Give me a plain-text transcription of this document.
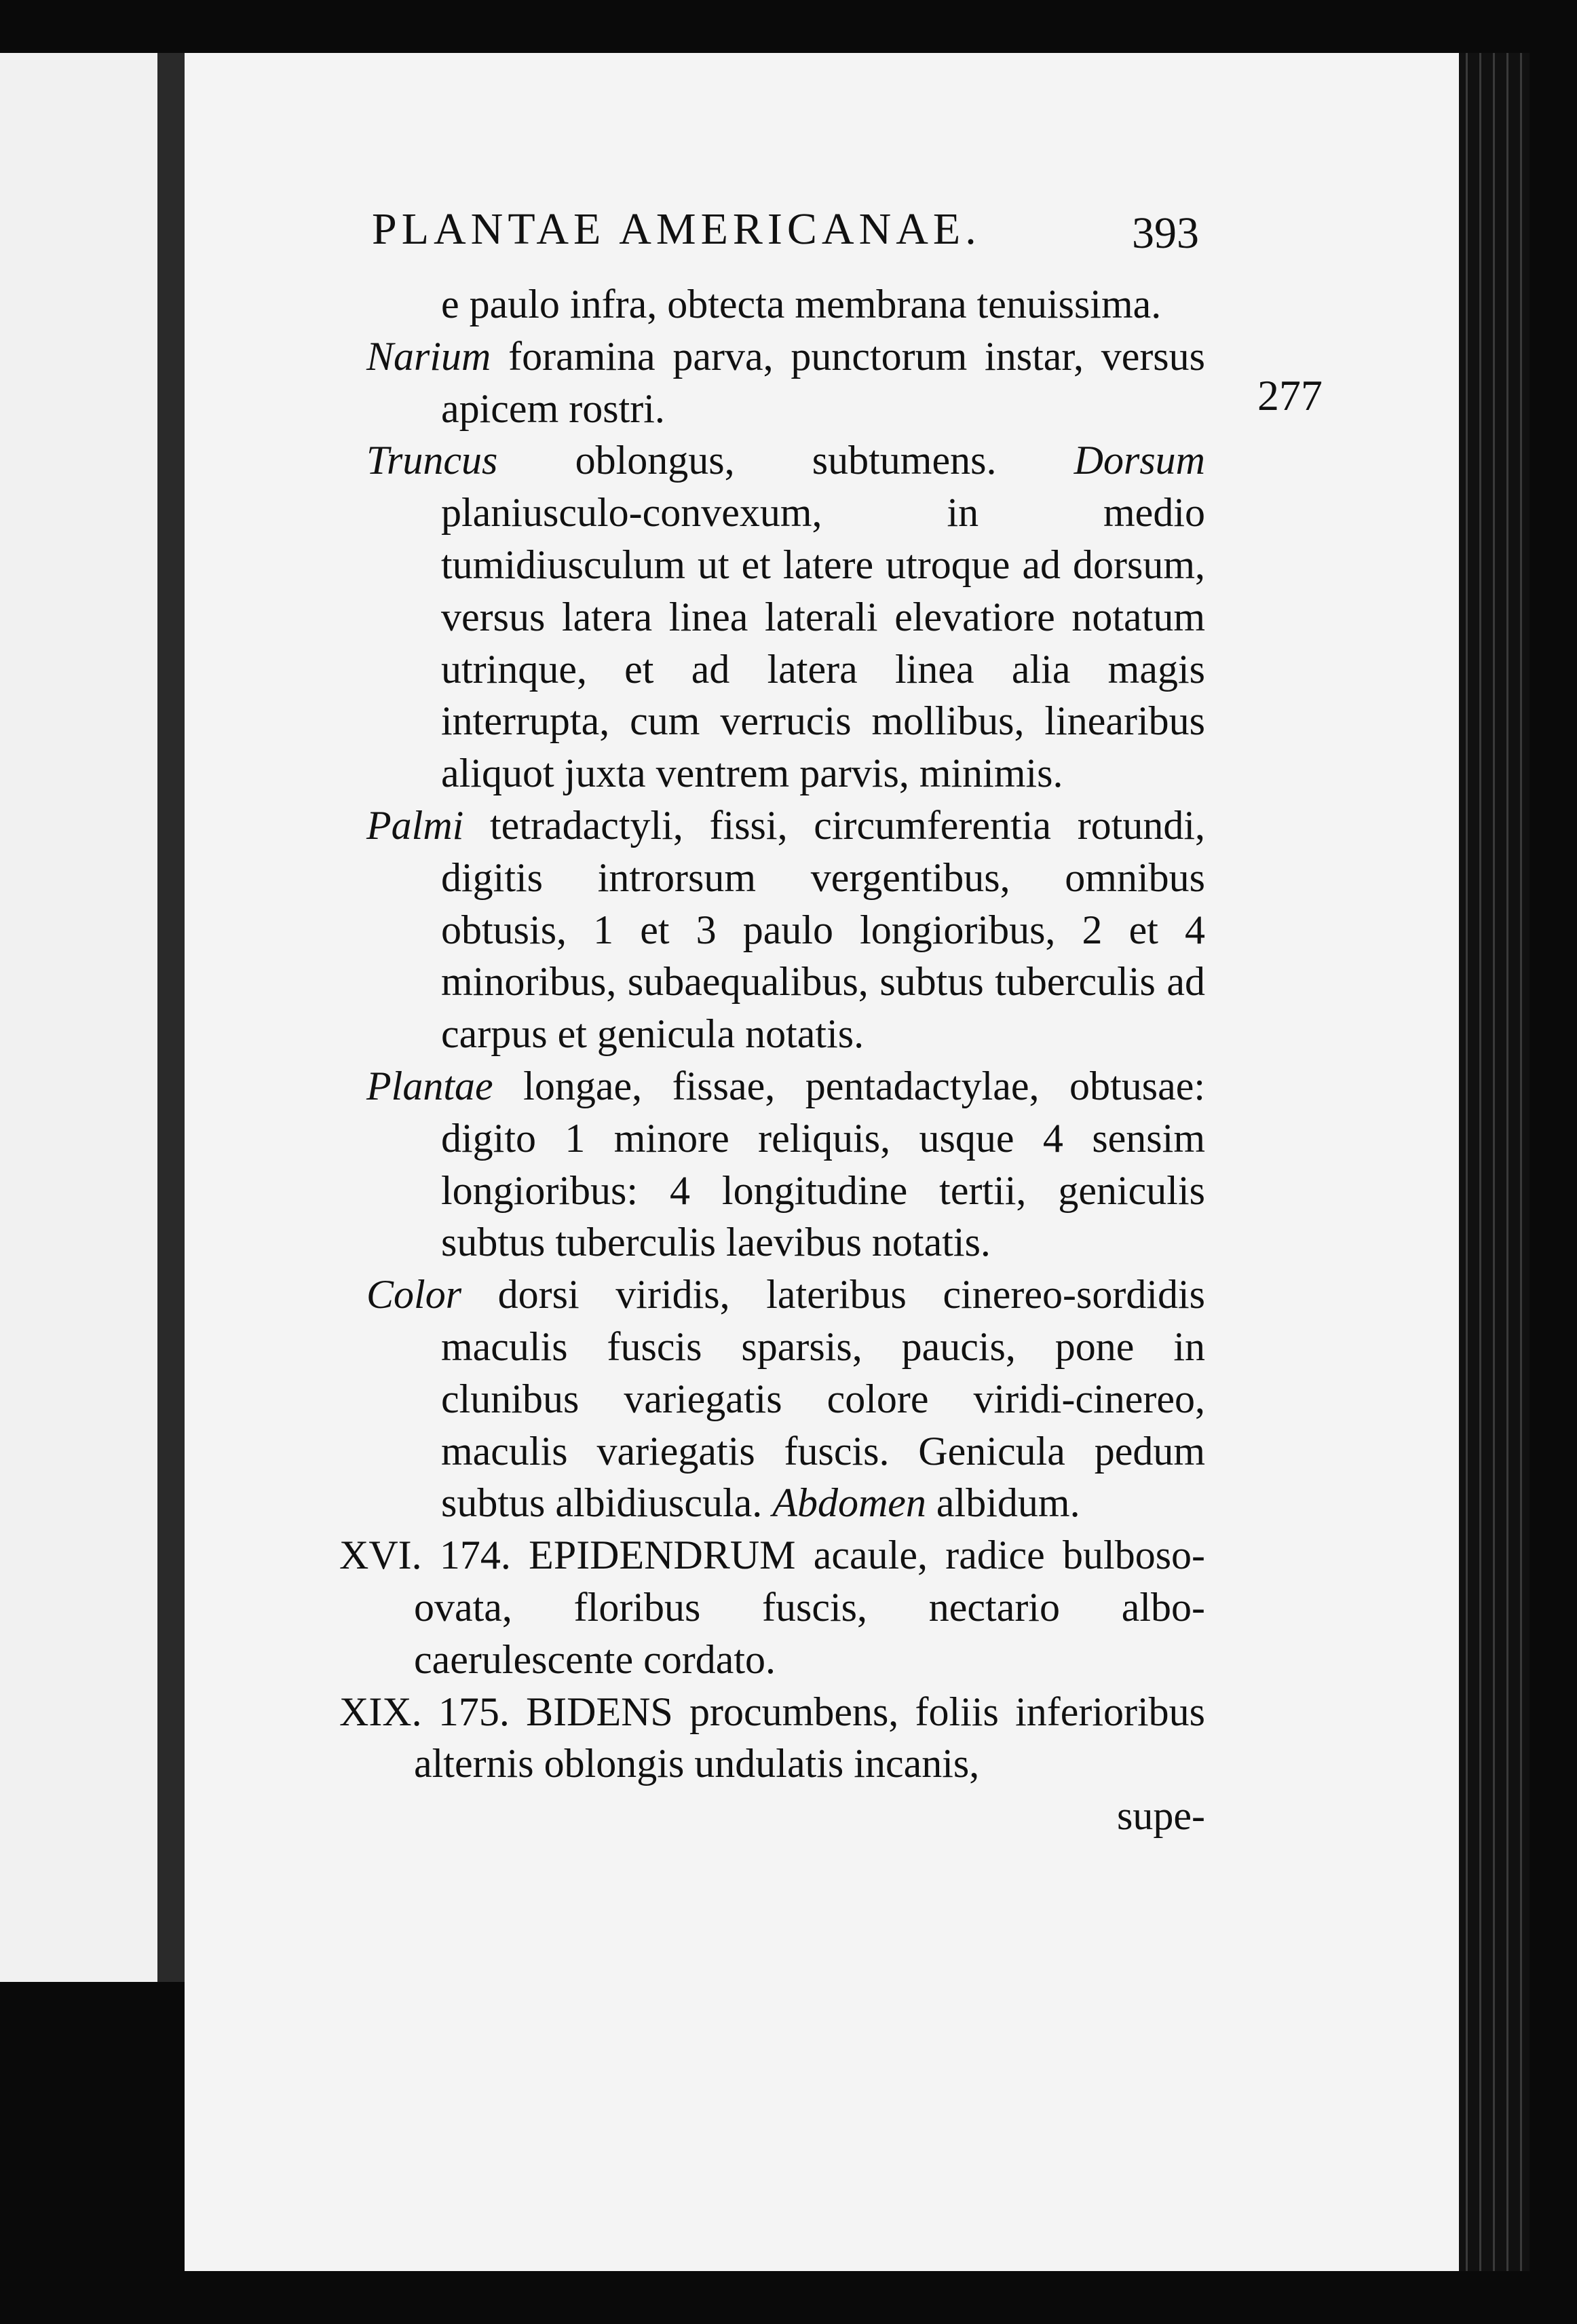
PLANTAE AMERICANAE.	393
277

e paulo infra, obtecta membrana tenuissima.

Narium foramina parva, punctorum instar, versus apicem rostri.

Truncus oblongus, subtumens. Dorsum planiusculo-convexum, in medio tumidiusculum ut et latere utroque ad dorsum, versus latera linea laterali elevatiore notatum utrinque, et ad latera linea alia magis interrupta, cum verrucis mollibus, linearibus aliquot juxta ventrem parvis, minimis.

Palmi tetradactyli, fissi, circumferentia rotundi, digitis introrsum vergentibus, omnibus obtusis, 1 et 3 paulo longioribus, 2 et 4 minoribus, subaequalibus, subtus tuberculis ad carpus et genicula notatis.

Plantae longae, fissae, pentadactylae, obtusae: digito 1 minore reliquis, usque 4 sensim longioribus: 4 longitudine tertii, geniculis subtus tuberculis laevibus notatis.

Color dorsi viridis, lateribus cinereo-sordidis maculis fuscis sparsis, paucis, pone in clunibus variegatis colore viridi-cinereo, maculis variegatis fuscis. Genicula pedum subtus albidiuscula. Abdomen albidum.

XVI. 174. EPIDENDRUM acaule, radice bulboso-ovata, floribus fuscis, nectario albo-caerulescente cordato.

XIX. 175. BIDENS procumbens, foliis inferioribus alternis oblongis undulatis incanis,

supe-
